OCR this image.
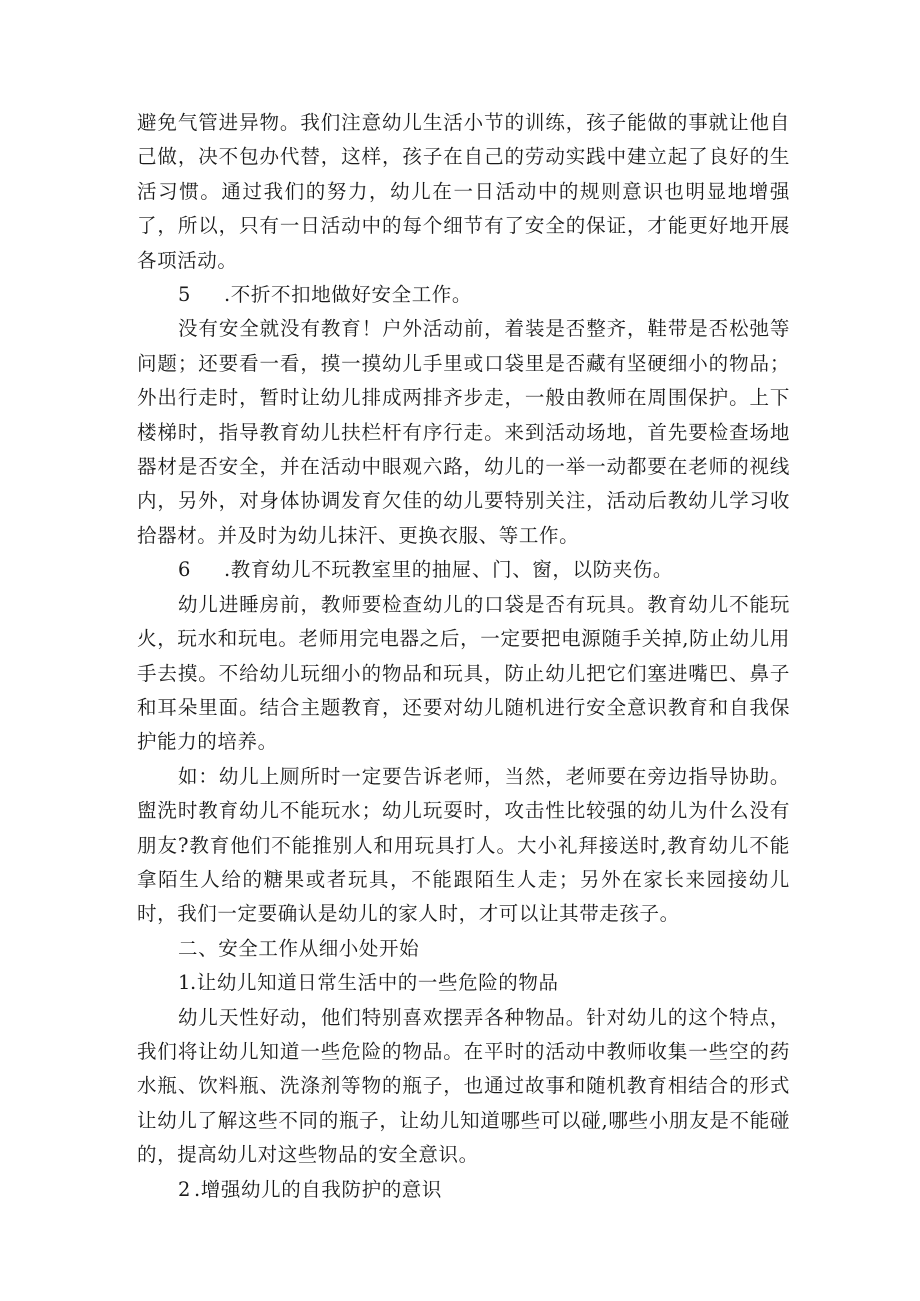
避免气管进异物。我们注意幼儿生活小节的训练，孩子能做的事就让他自己做，决不包办代替，这样，孩子在自己的劳动实践中建立起了良好的生活习惯。通过我们的努力，幼儿在一日活动中的规则意识也明显地增强了，所以，只有一日活动中的每个细节有了安全的保证，才能更好地开展各项活动。

5 .不折不扣地做好安全工作。

没有安全就没有教育！户外活动前，着装是否整齐，鞋带是否松弛等问题；还要看一看，摸一摸幼儿手里或口袋里是否藏有坚硬细小的物品；外出行走时，暂时让幼儿排成两排齐步走，一般由教师在周围保护。上下楼梯时，指导教育幼儿扶栏杆有序行走。来到活动场地，首先要检查场地器材是否安全，并在活动中眼观六路，幼儿的一举一动都要在老师的视线内，另外，对身体协调发育欠佳的幼儿要特别关注，活动后教幼儿学习收拾器材。并及时为幼儿抹汗、更换衣服、等工作。

6 .教育幼儿不玩教室里的抽屉、门、窗，以防夹伤。

幼儿进睡房前，教师要检查幼儿的口袋是否有玩具。教育幼儿不能玩火，玩水和玩电。老师用完电器之后，一定要把电源随手关掉,防止幼儿用手去摸。不给幼儿玩细小的物品和玩具，防止幼儿把它们塞进嘴巴、鼻子和耳朵里面。结合主题教育，还要对幼儿随机进行安全意识教育和自我保护能力的培养。

如：幼儿上厕所时一定要告诉老师，当然，老师要在旁边指导协助。盥洗时教育幼儿不能玩水；幼儿玩耍时，攻击性比较强的幼儿为什么没有朋友?教育他们不能推别人和用玩具打人。大小礼拜接送时,教育幼儿不能拿陌生人给的糖果或者玩具，不能跟陌生人走；另外在家长来园接幼儿时，我们一定要确认是幼儿的家人时，才可以让其带走孩子。

二、安全工作从细小处开始

1.让幼儿知道日常生活中的一些危险的物品

幼儿天性好动，他们特别喜欢摆弄各种物品。针对幼儿的这个特点，我们将让幼儿知道一些危险的物品。在平时的活动中教师收集一些空的药水瓶、饮料瓶、洗涤剂等物的瓶子，也通过故事和随机教育相结合的形式让幼儿了解这些不同的瓶子，让幼儿知道哪些可以碰,哪些小朋友是不能碰的，提高幼儿对这些物品的安全意识。

2 .增强幼儿的自我防护的意识
